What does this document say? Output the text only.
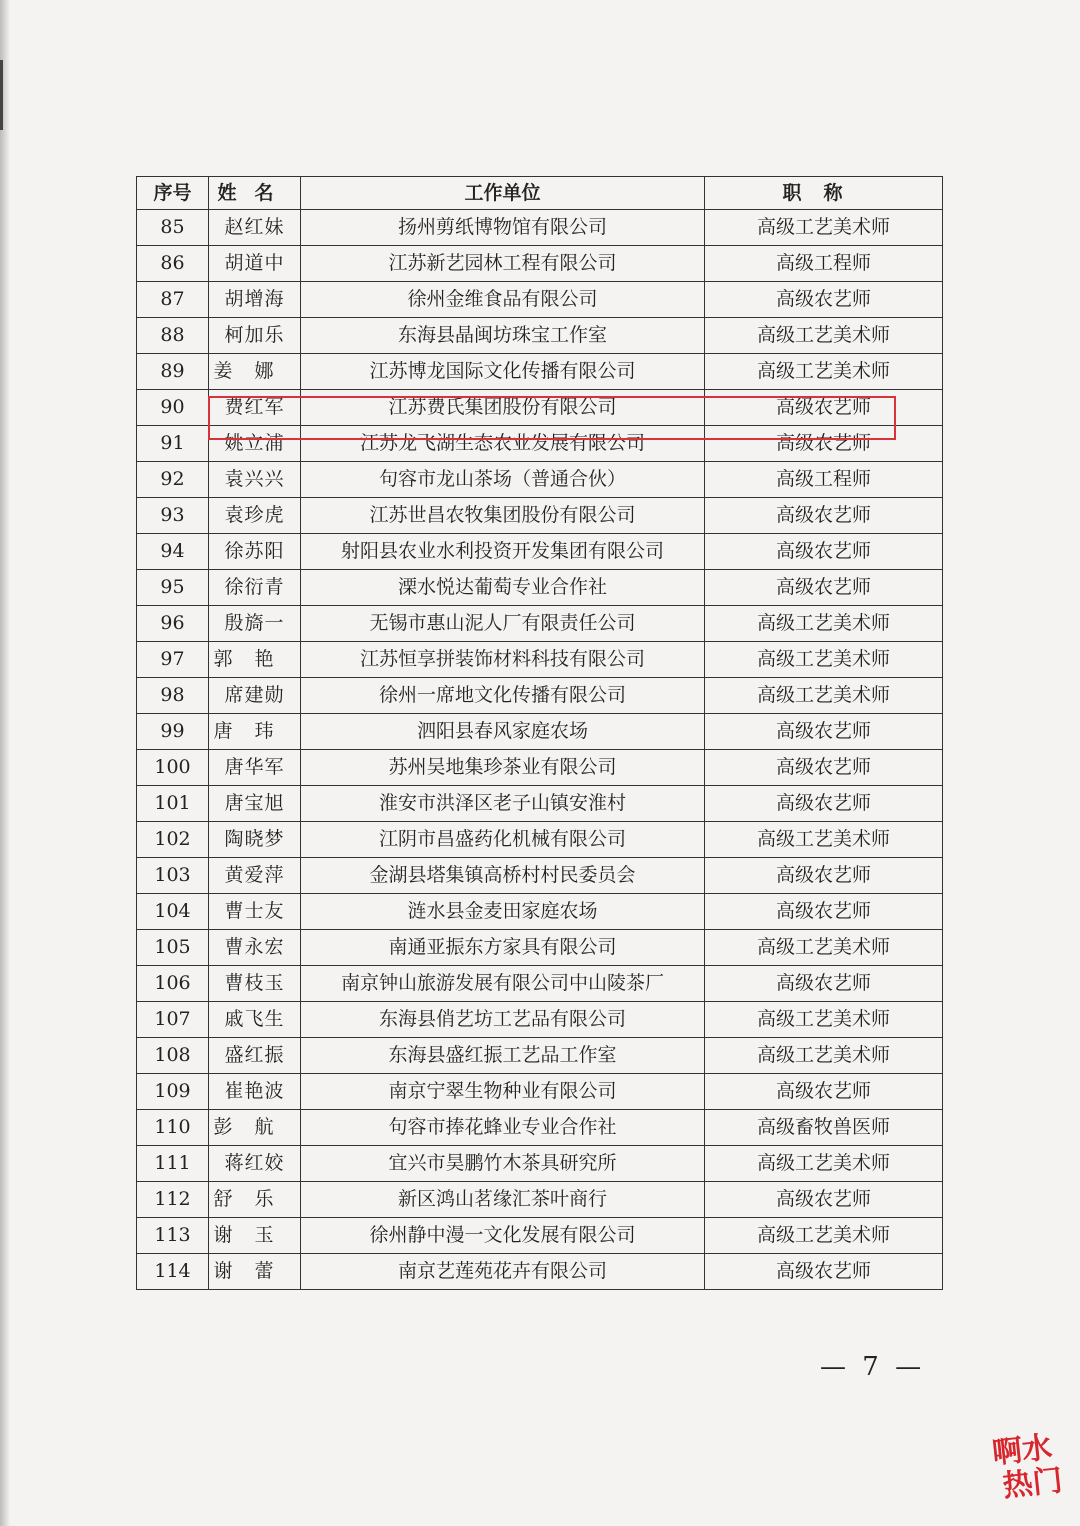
序号	姓名	工作单位	职称
85	赵红妹	扬州剪纸博物馆有限公司	高级工艺美术师
86	胡道中	江苏新艺园林工程有限公司	高级工程师
87	胡增海	徐州金维食品有限公司	高级农艺师
88	柯加乐	东海县晶闽坊珠宝工作室	高级工艺美术师
89	姜娜	江苏博龙国际文化传播有限公司	高级工艺美术师
90	费红军	江苏费氏集团股份有限公司	高级农艺师
91	姚立浦	江苏龙飞湖生态农业发展有限公司	高级农艺师
92	袁兴兴	句容市龙山茶场（普通合伙）	高级工程师
93	袁珍虎	江苏世昌农牧集团股份有限公司	高级农艺师
94	徐苏阳	射阳县农业水利投资开发集团有限公司	高级农艺师
95	徐衍青	溧水悦达葡萄专业合作社	高级农艺师
96	殷旖一	无锡市惠山泥人厂有限责任公司	高级工艺美术师
97	郭艳	江苏恒享拼装饰材料科技有限公司	高级工艺美术师
98	席建勋	徐州一席地文化传播有限公司	高级工艺美术师
99	唐玮	泗阳县春风家庭农场	高级农艺师
100	唐华军	苏州吴地集珍茶业有限公司	高级农艺师
101	唐宝旭	淮安市洪泽区老子山镇安淮村	高级农艺师
102	陶晓梦	江阴市昌盛药化机械有限公司	高级工艺美术师
103	黄爱萍	金湖县塔集镇高桥村村民委员会	高级农艺师
104	曹士友	涟水县金麦田家庭农场	高级农艺师
105	曹永宏	南通亚振东方家具有限公司	高级工艺美术师
106	曹枝玉	南京钟山旅游发展有限公司中山陵茶厂	高级农艺师
107	戚飞生	东海县俏艺坊工艺品有限公司	高级工艺美术师
108	盛红振	东海县盛红振工艺品工作室	高级工艺美术师
109	崔艳波	南京宁翠生物种业有限公司	高级农艺师
110	彭航	句容市捧花蜂业专业合作社	高级畜牧兽医师
111	蒋红姣	宜兴市昊鹏竹木茶具研究所	高级工艺美术师
112	舒乐	新区鸿山茗缘汇茶叶商行	高级农艺师
113	谢玉	徐州静中漫一文化发展有限公司	高级工艺美术师
114	谢蕾	南京艺莲苑花卉有限公司	高级农艺师
— 7 —
啊水
热门
